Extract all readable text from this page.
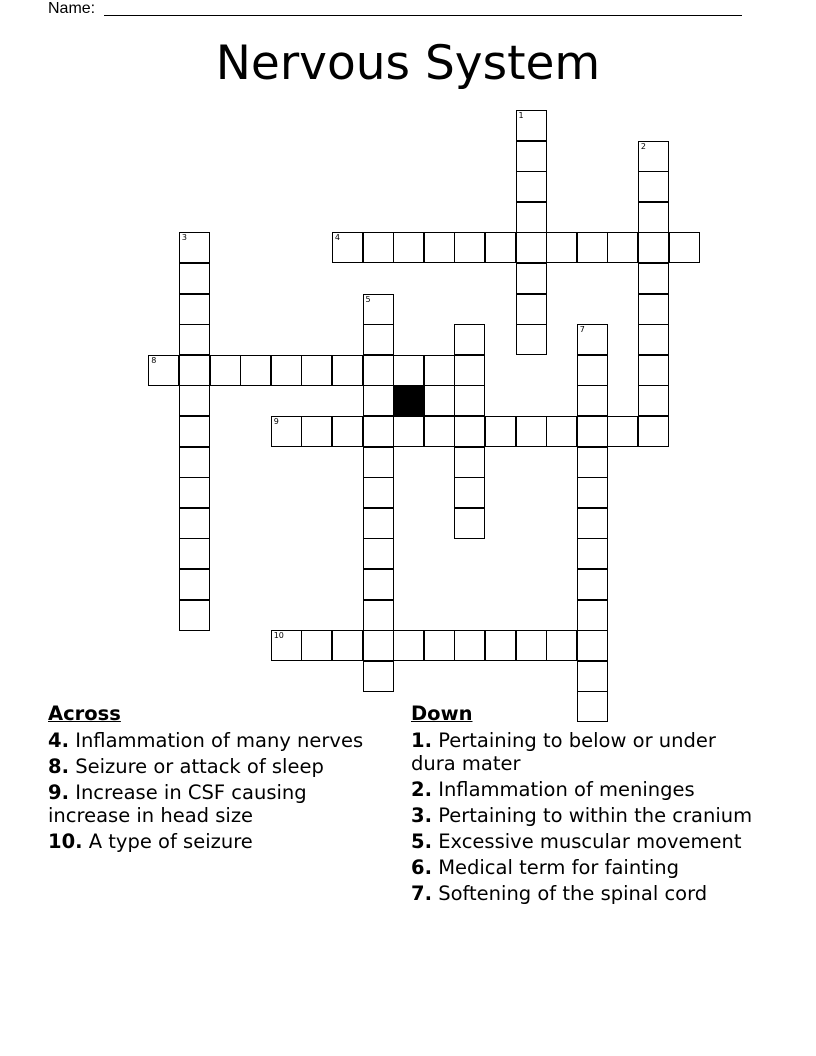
Name:
Nervous System
1
2
3	4
5
7
8
9
10
Across
4. Inflammation of many nerves
8. Seizure or attack of sleep
9. Increase in CSF causing increase in head size
10. A type of seizure
Down
1. Pertaining to below or under dura mater
2. Inflammation of meninges
3. Pertaining to within the cranium
5. Excessive muscular movement
6. Medical term for fainting
7. Softening of the spinal cord
